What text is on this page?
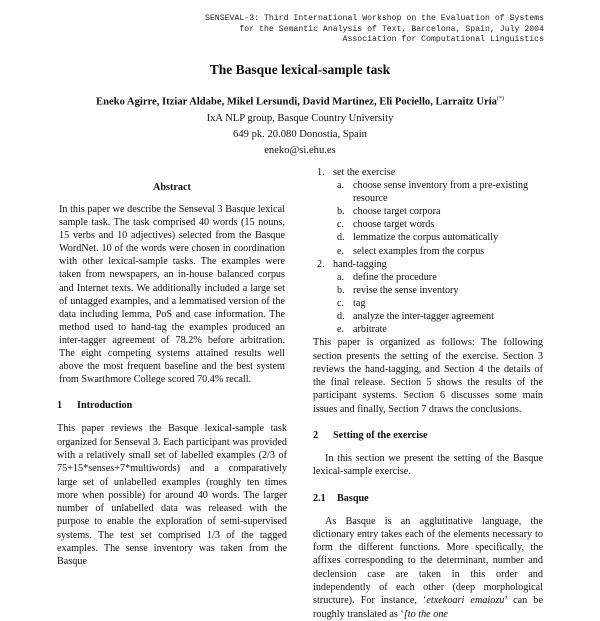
SENSEVAL-3: Third International Workshop on the Evaluation of Systems
for the Semantic Analysis of Text, Barcelona, Spain, July 2004
Association for Computational Linguistics
The Basque lexical-sample task
Eneko Agirre, Itziar Aldabe, Mikel Lersundi, David Martinez, Eli Pociello, Larraitz Uria(*)
IxA NLP group, Basque Country University
649 pk. 20.080 Donostia, Spain
eneko@si.ehu.es
Abstract
In this paper we describe the Senseval 3 Basque lexical sample task. The task comprised 40 words (15 nouns, 15 verbs and 10 adjectives) selected from the Basque WordNet. 10 of the words were chosen in coordination with other lexical-sample tasks. The examples were taken from newspapers, an in-house balanced corpus and Internet texts. We additionally included a large set of untagged examples, and a lemmatised version of the data including lemma, PoS and case information. The method used to hand-tag the examples produced an inter-tagger agreement of 78.2% before arbitration. The eight competing systems attained results well above the most frequent baseline and the best system from Swarthmore College scored 70.4% recall.
1 Introduction

This paper reviews the Basque lexical-sample task organized for Senseval 3. Each participant was provided with a relatively small set of labelled examples (2/3 of 75+15*senses+7*multiwords) and a comparatively large set of unlabelled examples (roughly ten times more when possible) for around 40 words. The larger number of unlabelled data was released with the purpose to enable the exploration of semi-supervised systems. The test set comprised 1/3 of the tagged examples. The sense inventory was taken from the Basque

1. set the exercise
a. choose sense inventory from a pre-existing resource
b. choose target corpora
c. choose target words
d. lemmatize the corpus automatically
e. select examples from the corpus
2. hand-tagging
a. define the procedure
b. revise the sense inventory
c. tag
d. analyze the inter-tagger agreement
e. arbitrate

This paper is organized as follows: The following section presents the setting of the exercise. Section 3 reviews the hand-tagging, and Section 4 the details of the final release. Section 5 shows the results of the participant systems. Section 6 discusses some main issues and finally, Section 7 draws the conclusions.

2 Setting of the exercise

In this section we present the setting of the Basque lexical-sample exercise.

2.1 Basque

As Basque is an agglutinative language, the dictionary entry takes each of the elements necessary to form the different functions. More specifically, the affixes corresponding to the determinant, number and declension case are taken in this order and independently of each other (deep morphological structure). For instance, ‘etxekoari emaiozu’ can be roughly translated as ‘[to the one
